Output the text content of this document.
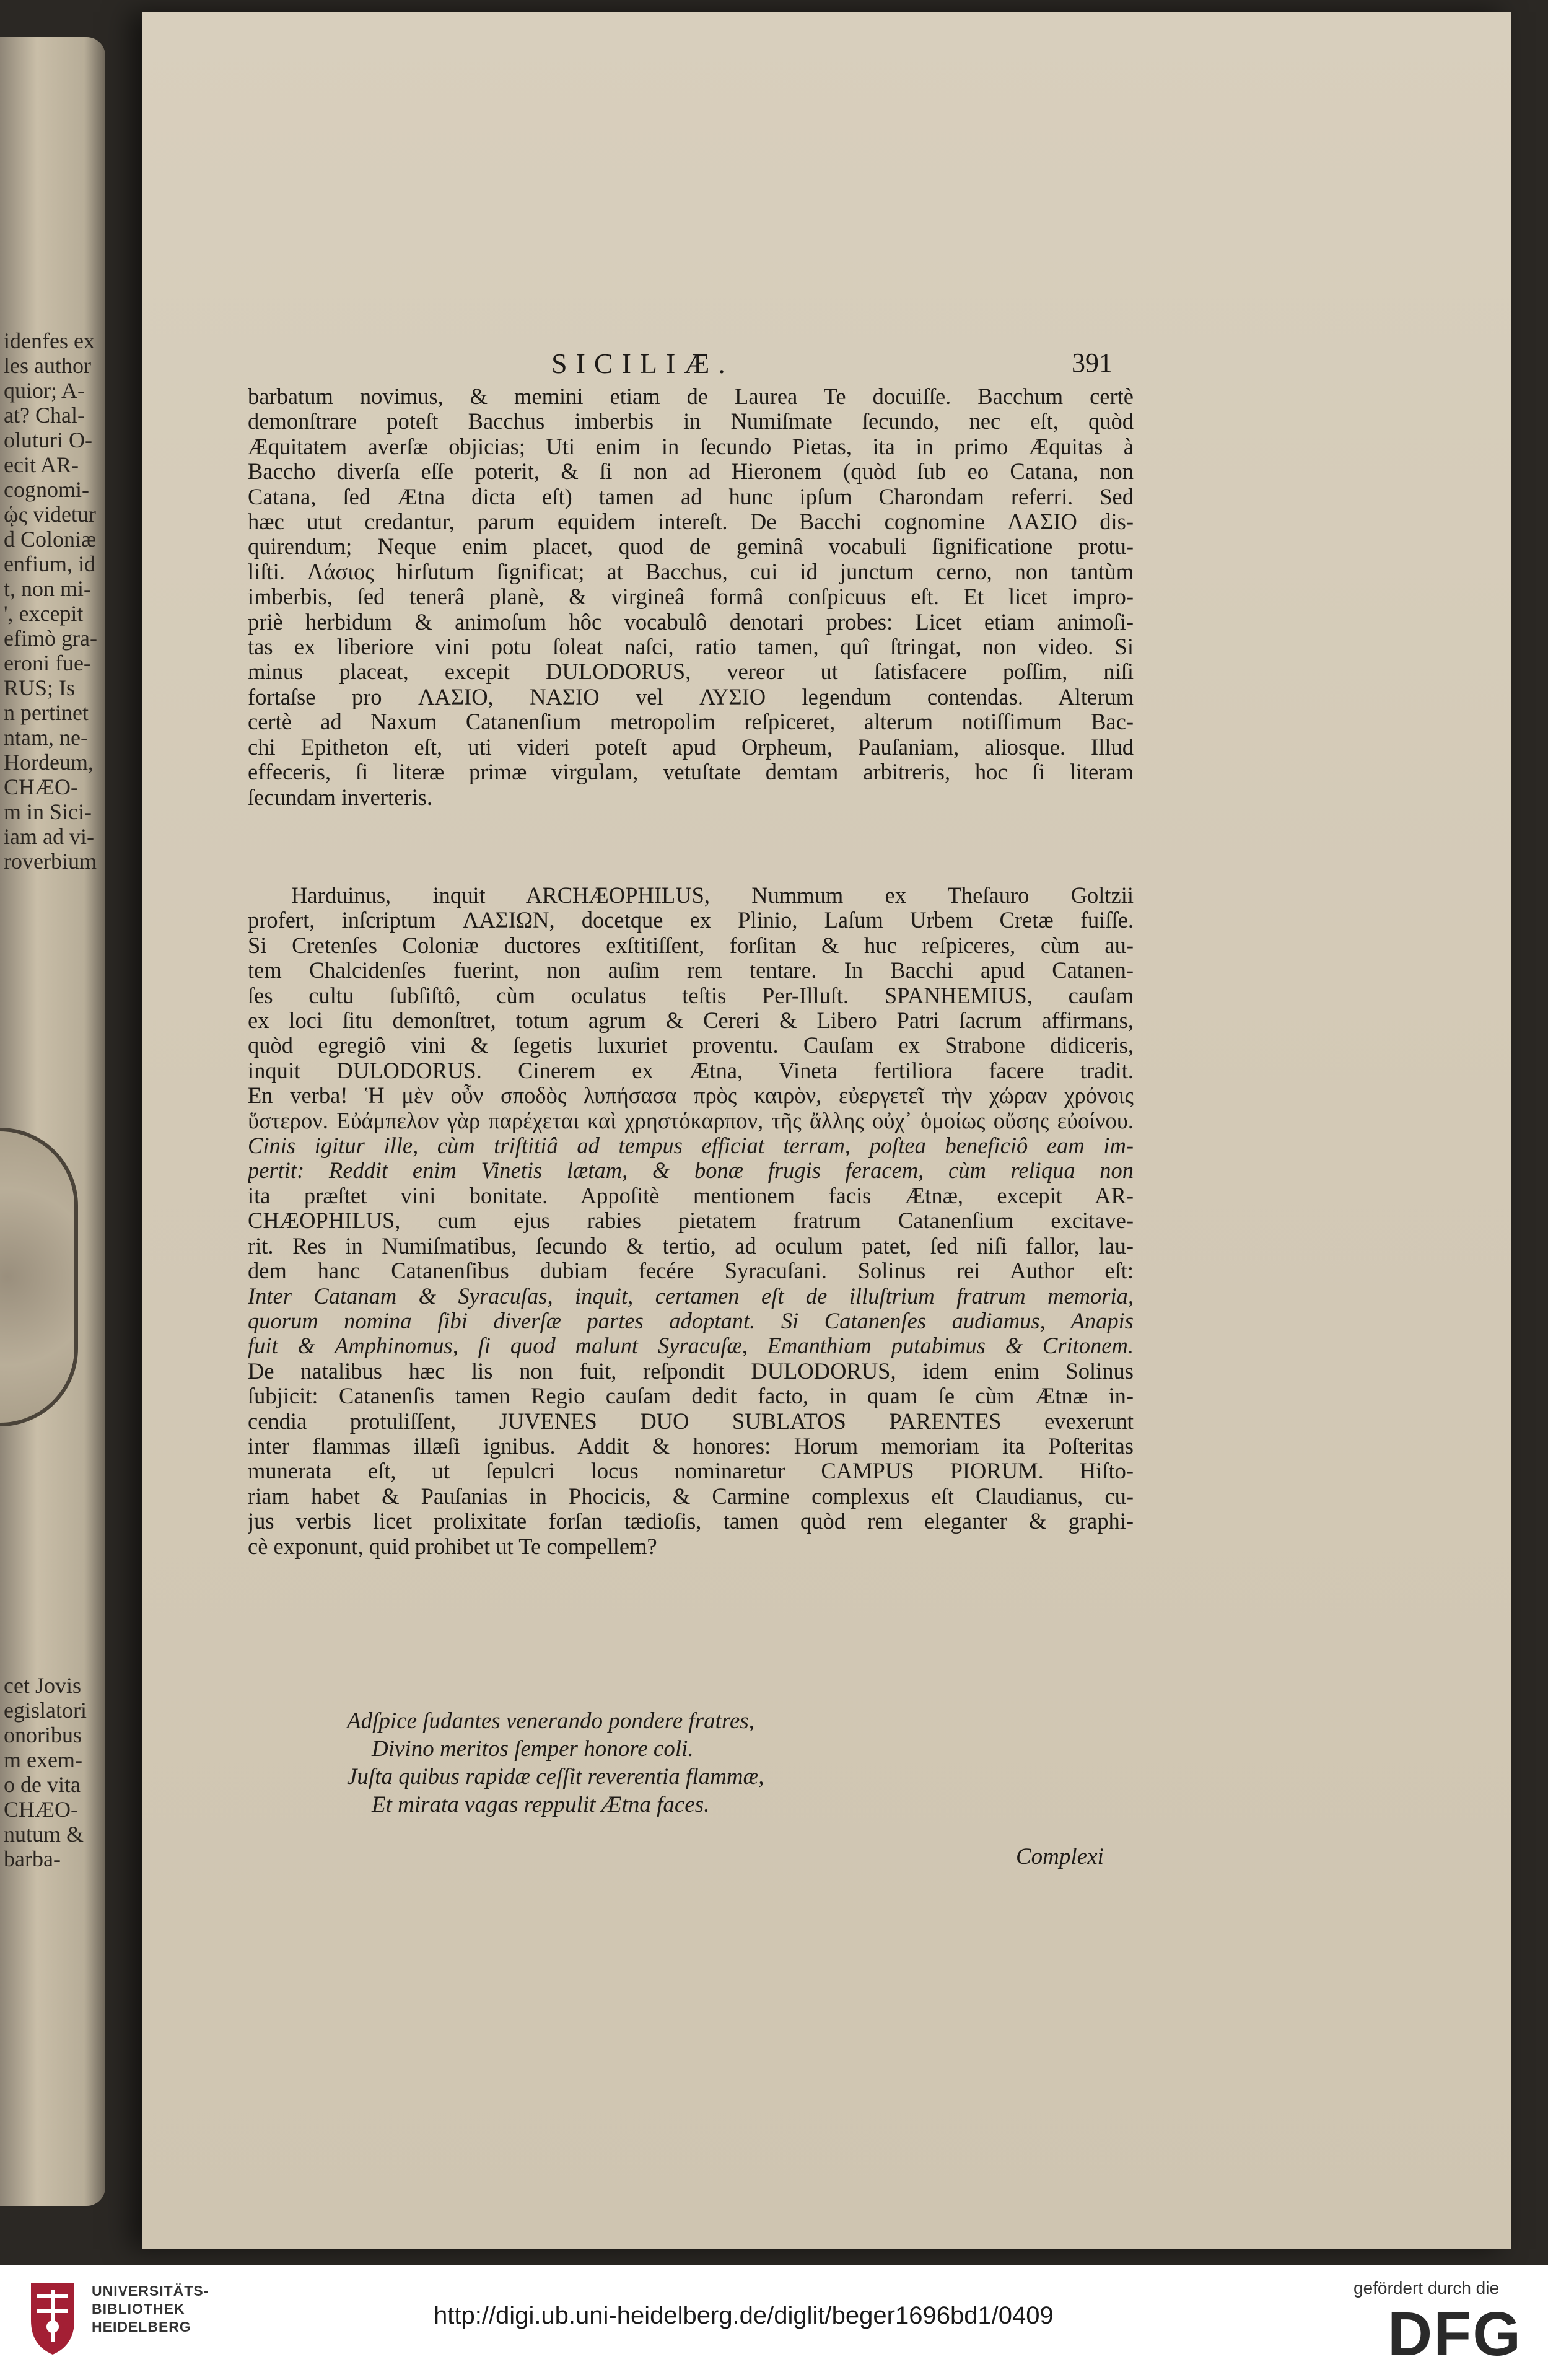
idenfes ex
les author
quior; A-
at? Chal-
oluturi O-
ecit AR-
cognomi-
ᾡς videtur
d Coloniæ
enfium, id
t, non mi-
', excepit
efimò gra-
eroni fue-
RUS; Is
n pertinet
ntam, ne-
Hordeum,
CHÆO-
m in Sici-
iam ad vi-
roverbium
cet Jovis
egislatori
onoribus
m exem-
o de vita
CHÆO-
nutum &
barba-
SICILIÆ.	391
barbatum novimus, & memini etiam de Laurea Te docuiſſe. Bacchum certè
demonſtrare poteſt Bacchus imberbis in Numiſmate ſecundo, nec eſt, quòd
Æquitatem averſæ objicias; Uti enim in ſecundo Pietas, ita in primo Æquitas à
Baccho diverſa eſſe poterit, & ſi non ad Hieronem (quòd ſub eo Catana, non
Catana, ſed Ætna dicta eſt) tamen ad hunc ipſum Charondam referri. Sed
hæc utut credantur, parum equidem intereſt. De Bacchi cognomine ΛΑΣΙΟ dis-
quirendum; Neque enim placet, quod de geminâ vocabuli ſignificatione protu-
liſti. Λάσιος hirſutum ſignificat; at Bacchus, cui id junctum cerno, non tantùm
imberbis, ſed tenerâ planè, & virgineâ formâ conſpicuus eſt. Et licet impro-
priè herbidum & animoſum hôc vocabulô denotari probes: Licet etiam animoſi-
tas ex liberiore vini potu ſoleat naſci, ratio tamen, quî ſtringat, non video. Si
minus placeat, excepit DULODORUS, vereor ut ſatisfacere poſſim, niſi
fortaſse pro ΛΑΣΙΟ, ΝΑΣΙΟ vel ΛΥΣΙΟ legendum contendas. Alterum
certè ad Naxum Catanenſium metropolim reſpiceret, alterum notiſſimum Bac-
chi Epitheton eſt, uti videri poteſt apud Orpheum, Pauſaniam, aliosque. Illud
effeceris, ſi literæ primæ virgulam, vetuſtate demtam arbitreris, hoc ſi literam
ſecundam inverteris.
Harduinus, inquit ARCHÆOPHILUS, Nummum ex Theſauro Goltzii
profert, inſcriptum ΛΑΣΙΩΝ, docetque ex Plinio, Laſum Urbem Cretæ fuiſſe.
Si Cretenſes Coloniæ ductores exſtitiſſent, forſitan & huc reſpiceres, cùm au-
tem Chalcidenſes fuerint, non auſim rem tentare. In Bacchi apud Catanen-
ſes cultu ſubſiſtô, cùm oculatus teſtis Per-Illuſt. SPANHEMIUS, cauſam
ex loci ſitu demonſtret, totum agrum & Cereri & Libero Patri ſacrum affirmans,
quòd egregiô vini & ſegetis luxuriet proventu. Cauſam ex Strabone didiceris,
inquit DULODORUS. Cinerem ex Ætna, Vineta fertiliora facere tradit.
En verba! Ἡ μὲν οὖν σποδὸς λυπήσασα πρὸς καιρὸν, εὐεργετεῖ τὴν χώραν χρόνοις
ὕστερον. Εὐάμπελον γὰρ παρέχεται καὶ χρηστόκαρπον, τῆς ἄλλης οὐχ᾽ ὁμοίως οὔσης εὐοίνου.
Cinis igitur ille, cùm triſtitiâ ad tempus efficiat terram, poſtea beneficiô eam im-
pertit: Reddit enim Vinetis lætam, & bonæ frugis feracem, cùm reliqua non
ita præſtet vini bonitate. Appoſitè mentionem facis Ætnæ, excepit AR-
CHÆOPHILUS, cum ejus rabies pietatem fratrum Catanenſium excitave-
rit. Res in Numiſmatibus, ſecundo & tertio, ad oculum patet, ſed niſi fallor, lau-
dem hanc Catanenſibus dubiam fecére Syracuſani. Solinus rei Author eſt:
Inter Catanam & Syracuſas, inquit, certamen eſt de illuſtrium fratrum memoria,
quorum nomina ſibi diverſæ partes adoptant. Si Catanenſes audiamus, Anapis
fuit & Amphinomus, ſi quod malunt Syracuſæ, Emanthiam putabimus & Critonem.
De natalibus hæc lis non fuit, reſpondit DULODORUS, idem enim Solinus
ſubjicit: Catanenſis tamen Regio cauſam dedit facto, in quam ſe cùm Ætnæ in-
cendia protuliſſent, JUVENES DUO SUBLATOS PARENTES evexerunt
inter flammas illæſi ignibus. Addit & honores: Horum memoriam ita Poſteritas
munerata eſt, ut ſepulcri locus nominaretur CAMPUS PIORUM. Hiſto-
riam habet & Pauſanias in Phocicis, & Carmine complexus eſt Claudianus, cu-
jus verbis licet prolixitate forſan tædioſis, tamen quòd rem eleganter & graphi-
cè exponunt, quid prohibet ut Te compellem?
Adſpice ſudantes venerando pondere fratres,
Divino meritos ſemper honore coli.
Juſta quibus rapidæ ceſſit reverentia flammæ,
Et mirata vagas reppulit Ætna faces.
Complexi
UNIVERSITÄTS-
BIBLIOTHEK
HEIDELBERG	http://digi.ub.uni-heidelberg.de/diglit/beger1696bd1/0409
gefördert durch die
DFG
